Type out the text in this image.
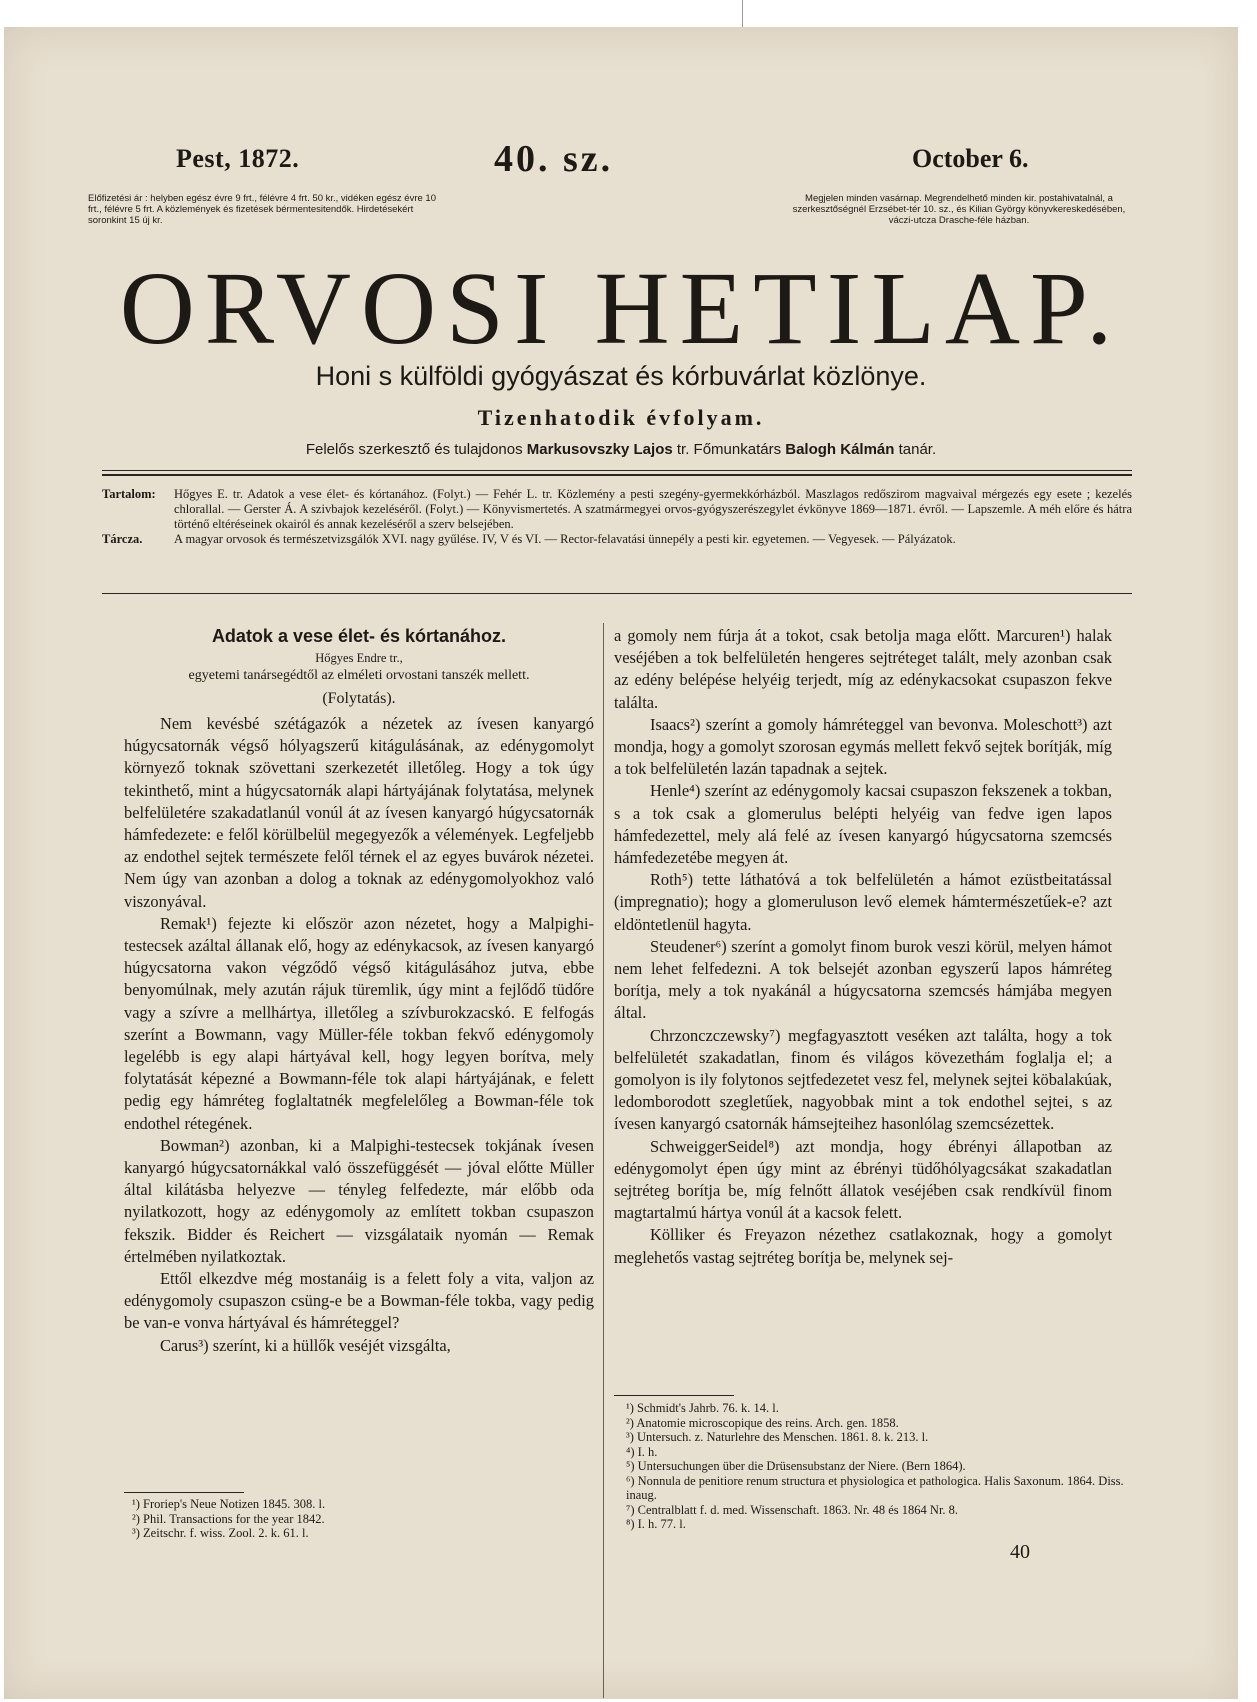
Pest, 1872.	40. sz.	October 6.
Előfizetési ár : helyben egész évre 9 frt., félévre 4 frt. 50 kr., vidéken egész évre 10 frt., félévre 5 frt. A közlemények és fizetések bérmentesitendők. Hirdetésekért soronkint 15 új kr.
Megjelen minden vasárnap. Megrendelhető minden kir. postahivatalnál, a szerkesztőségnél Erzsébet-tér 10. sz., és Kilian György könyvkereskedésében, váczi-utcza Drasche-féle házban.
ORVOSI HETILAP.
Honi s külföldi gyógyászat és kórbuvárlat közlönye.
Tizenhatodik évfolyam.
Felelős szerkesztő és tulajdonos Markusovszky Lajos tr. Főmunkatárs Balogh Kálmán tanár.
Tartalom:	Hőgyes E. tr. Adatok a vese élet- és kórtanához. (Folyt.) — Fehér L. tr. Közlemény a pesti szegény-gyermekkórházból. Maszlagos redőszirom magvaival mérgezés egy esete ; kezelés chlorallal. — Gerster Á. A szivbajok kezeléséről. (Folyt.) — Könyvismertetés. A szatmármegyei orvos-gyógyszerészegylet évkönyve 1869—1871. évről. — Lapszemle. A méh előre és hátra történő eltéréseinek okairól és annak kezeléséről a szerv belsejében.
Tárcza.	A magyar orvosok és természetvizsgálók XVI. nagy gyűlése. IV, V és VI. — Rector-felavatási ünnepély a pesti kir. egyetemen. — Vegyesek. — Pályázatok.

Adatok a vese élet- és kórtanához.

Hőgyes Endre tr.,

egyetemi tanársegédtől az elméleti orvostani tanszék mellett.

(Folytatás).

Nem kevésbé szétágazók a nézetek az ívesen kanyargó húgycsatornák végső hólyagszerű kitágulásának, az edénygomolyt környező toknak szövettani szerkezetét illetőleg. Hogy a tok úgy tekinthető, mint a húgycsatornák alapi hártyájának folytatása, melynek belfelületére szakadatlanúl vonúl át az ívesen kanyargó húgycsatornák hámfedezete: e felől körülbelül megegyezők a vélemények. Legfeljebb az endothel sejtek természete felől térnek el az egyes buvárok nézetei. Nem úgy van azonban a dolog a toknak az edénygomolyokhoz való viszonyával.

Remak¹) fejezte ki először azon nézetet, hogy a Malpighi-testecsek azáltal állanak elő, hogy az edénykacsok, az ívesen kanyargó húgycsatorna vakon végződő végső kitágulásához jutva, ebbe benyomúlnak, mely azután rájuk türemlik, úgy mint a fejlődő tüdőre vagy a szívre a mellhártya, illetőleg a szívburokzacskó. E felfogás szerínt a Bowmann, vagy Müller-féle tokban fekvő edénygomoly legelébb is egy alapi hártyával kell, hogy legyen borítva, mely folytatását képezné a Bowmann-féle tok alapi hártyájának, e felett pedig egy hámréteg foglaltatnék megfelelőleg a Bowman-féle tok endothel rétegének.

Bowman²) azonban, ki a Malpighi-testecsek tokjának ívesen kanyargó húgycsatornákkal való összefüggését — jóval előtte Müller által kilátásba helyezve — tényleg felfedezte, már előbb oda nyilatkozott, hogy az edénygomoly az említett tokban csupaszon fekszik. Bidder és Reichert — vizsgálataik nyomán — Remak értelmében nyilatkoztak.

Ettől elkezdve még mostanáig is a felett foly a vita, valjon az edénygomoly csupaszon csüng-e be a Bowman-féle tokba, vagy pedig be van-e vonva hártyával és hámréteggel?

Carus³) szerínt, ki a hüllők veséjét vizsgálta,

a gomoly nem fúrja át a tokot, csak betolja maga előtt. Marcuren¹) halak veséjében a tok belfelületén hengeres sejtréteget talált, mely azonban csak az edény belépése helyéig terjedt, míg az edénykacsokat csupaszon fekve találta.

Isaacs²) szerínt a gomoly hámréteggel van bevonva. Moleschott³) azt mondja, hogy a gomolyt szorosan egymás mellett fekvő sejtek borítják, míg a tok belfelületén lazán tapadnak a sejtek.

Henle⁴) szerínt az edénygomoly kacsai csupaszon fekszenek a tokban, s a tok csak a glomerulus belépti helyéig van fedve igen lapos hámfedezettel, mely alá felé az ívesen kanyargó húgycsatorna szemcsés hámfedezetébe megyen át.

Roth⁵) tette láthatóvá a tok belfelületén a hámot ezüstbeitatással (impregnatio); hogy a glomeruluson levő elemek hámtermészetűek-e? azt eldöntetlenül hagyta.

Steudener⁶) szerínt a gomolyt finom burok veszi körül, melyen hámot nem lehet felfedezni. A tok belsejét azonban egyszerű lapos hámréteg borítja, mely a tok nyakánál a húgycsatorna szemcsés hámjába megyen által.

Chrzonczczewsky⁷) megfagyasztott veséken azt találta, hogy a tok belfelületét szakadatlan, finom és világos kövezethám foglalja el; a gomolyon is ily folytonos sejtfedezetet vesz fel, melynek sejtei köbalakúak, ledomborodott szegletűek, nagyobbak mint a tok endothel sejtei, s az ívesen kanyargó csatornák hámsejteihez hasonlólag szemcsézettek.

SchweiggerSeidel⁸) azt mondja, hogy ébrényi állapotban az edénygomolyt épen úgy mint az ébrényi tüdőhólyagcsákat szakadatlan sejtréteg borítja be, míg felnőtt állatok veséjében csak rendkívül finom magtartalmú hártya vonúl át a kacsok felett.

Kölliker és Freyazon nézethez csatlakoznak, hogy a gomolyt meglehetős vastag sejtréteg borítja be, melynek sej-

¹) Froriep's Neue Notizen 1845. 308. l.
²) Phil. Transactions for the year 1842.
³) Zeitschr. f. wiss. Zool. 2. k. 61. l.
¹) Schmidt's Jahrb. 76. k. 14. l.
²) Anatomie microscopique des reins. Arch. gen. 1858.
³) Untersuch. z. Naturlehre des Menschen. 1861. 8. k. 213. l.
⁴) I. h.
⁵) Untersuchungen über die Drüsensubstanz der Niere. (Bern 1864).
⁶) Nonnula de penitiore renum structura et physiologica et pathologica. Halis Saxonum. 1864. Diss. inaug.
⁷) Centralblatt f. d. med. Wissenschaft. 1863. Nr. 48 és 1864 Nr. 8.
⁸) I. h. 77. l.
40
